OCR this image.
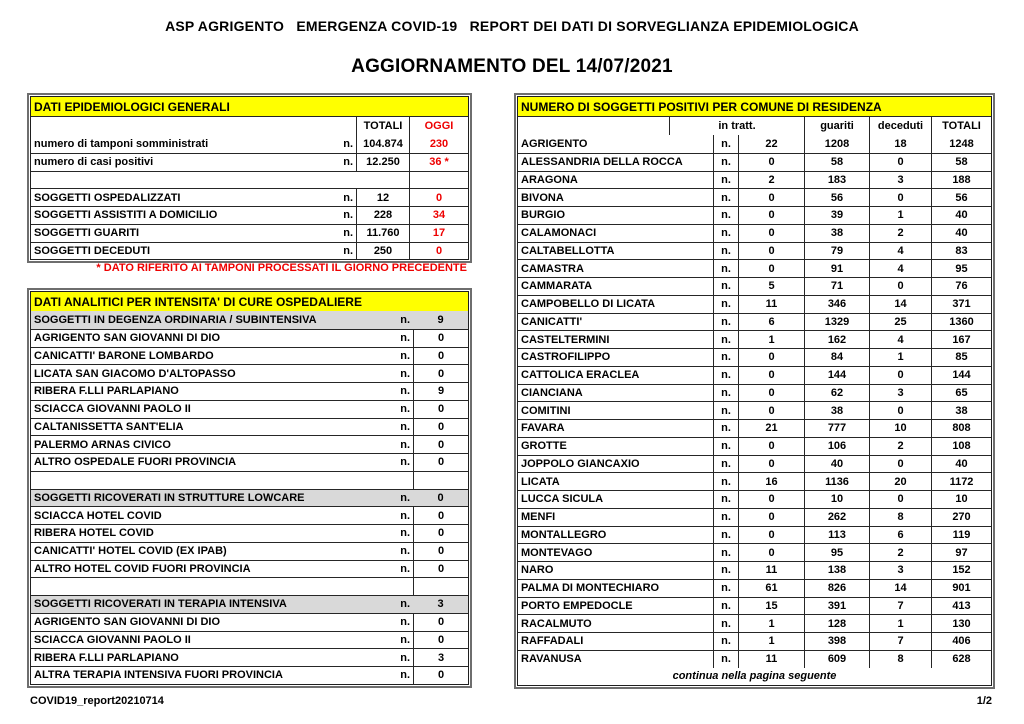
ASP AGRIGENTO   EMERGENZA COVID-19   REPORT DEI DATI DI SORVEGLIANZA EPIDEMIOLOGICA
AGGIORNAMENTO DEL 14/07/2021
DATI EPIDEMIOLOGICI GENERALI
TOTALI	OGGI
numero di tamponi somministrati	n. 104.874	230
numero di casi positivi	n.	12.250	36 *
SOGGETTI OSPEDALIZZATI	n.	12	0
SOGGETTI ASSISTITI A DOMICILIO	n.	228	34
SOGGETTI GUARITI	n.	11.760	17
SOGGETTI DECEDUTI	n.	250	0
* DATO RIFERITO AI TAMPONI PROCESSATI IL GIORNO PRECEDENTE
DATI ANALITICI PER INTENSITA' DI CURE OSPEDALIERE
SOGGETTI IN DEGENZA ORDINARIA / SUBINTENSIVA	n.	9
AGRIGENTO SAN GIOVANNI DI DIO	n.	0
CANICATTI' BARONE LOMBARDO	n.	0
LICATA SAN GIACOMO D'ALTOPASSO	n.	0
RIBERA F.LLI PARLAPIANO	n.	9
SCIACCA GIOVANNI PAOLO II	n.	0
CALTANISSETTA SANT'ELIA	n.	0
PALERMO ARNAS CIVICO	n.	0
ALTRO OSPEDALE FUORI PROVINCIA	n.	0
SOGGETTI RICOVERATI IN STRUTTURE LOWCARE	n.	0
SCIACCA HOTEL COVID	n.	0
RIBERA HOTEL COVID	n.	0
CANICATTI' HOTEL COVID (EX IPAB)	n.	0
ALTRO HOTEL COVID FUORI PROVINCIA	n.	0
SOGGETTI RICOVERATI IN TERAPIA INTENSIVA	n.	3
AGRIGENTO SAN GIOVANNI DI DIO	n.	0
SCIACCA GIOVANNI PAOLO II	n.	0
RIBERA F.LLI PARLAPIANO	n.	3
ALTRA TERAPIA INTENSIVA FUORI PROVINCIA	n.	0
NUMERO DI SOGGETTI POSITIVI PER COMUNE DI RESIDENZA
in tratt.	guariti	deceduti	TOTALI
AGRIGENTO	n.	22	1208	18	1248
ALESSANDRIA DELLA ROCCA	n.	0	58	0	58
ARAGONA	n.	2	183	3	188
BIVONA	n.	0	56	0	56
BURGIO	n.	0	39	1	40
CALAMONACI	n.	0	38	2	40
CALTABELLOTTA	n.	0	79	4	83
CAMASTRA	n.	0	91	4	95
CAMMARATA	n.	5	71	0	76
CAMPOBELLO DI LICATA	n.	11	346	14	371
CANICATTI'	n.	6	1329	25	1360
CASTELTERMINI	n.	1	162	4	167
CASTROFILIPPO	n.	0	84	1	85
CATTOLICA ERACLEA	n.	0	144	0	144
CIANCIANA	n.	0	62	3	65
COMITINI	n.	0	38	0	38
FAVARA	n.	21	777	10	808
GROTTE	n.	0	106	2	108
JOPPOLO GIANCAXIO	n.	0	40	0	40
LICATA	n.	16	1136	20	1172
LUCCA SICULA	n.	0	10	0	10
MENFI	n.	0	262	8	270
MONTALLEGRO	n.	0	113	6	119
MONTEVAGO	n.	0	95	2	97
NARO	n.	11	138	3	152
PALMA DI MONTECHIARO	n.	61	826	14	901
PORTO EMPEDOCLE	n.	15	391	7	413
RACALMUTO	n.	1	128	1	130
RAFFADALI	n.	1	398	7	406
RAVANUSA	n.	11	609	8	628
continua nella pagina seguente
COVID19_report20210714	1/2
